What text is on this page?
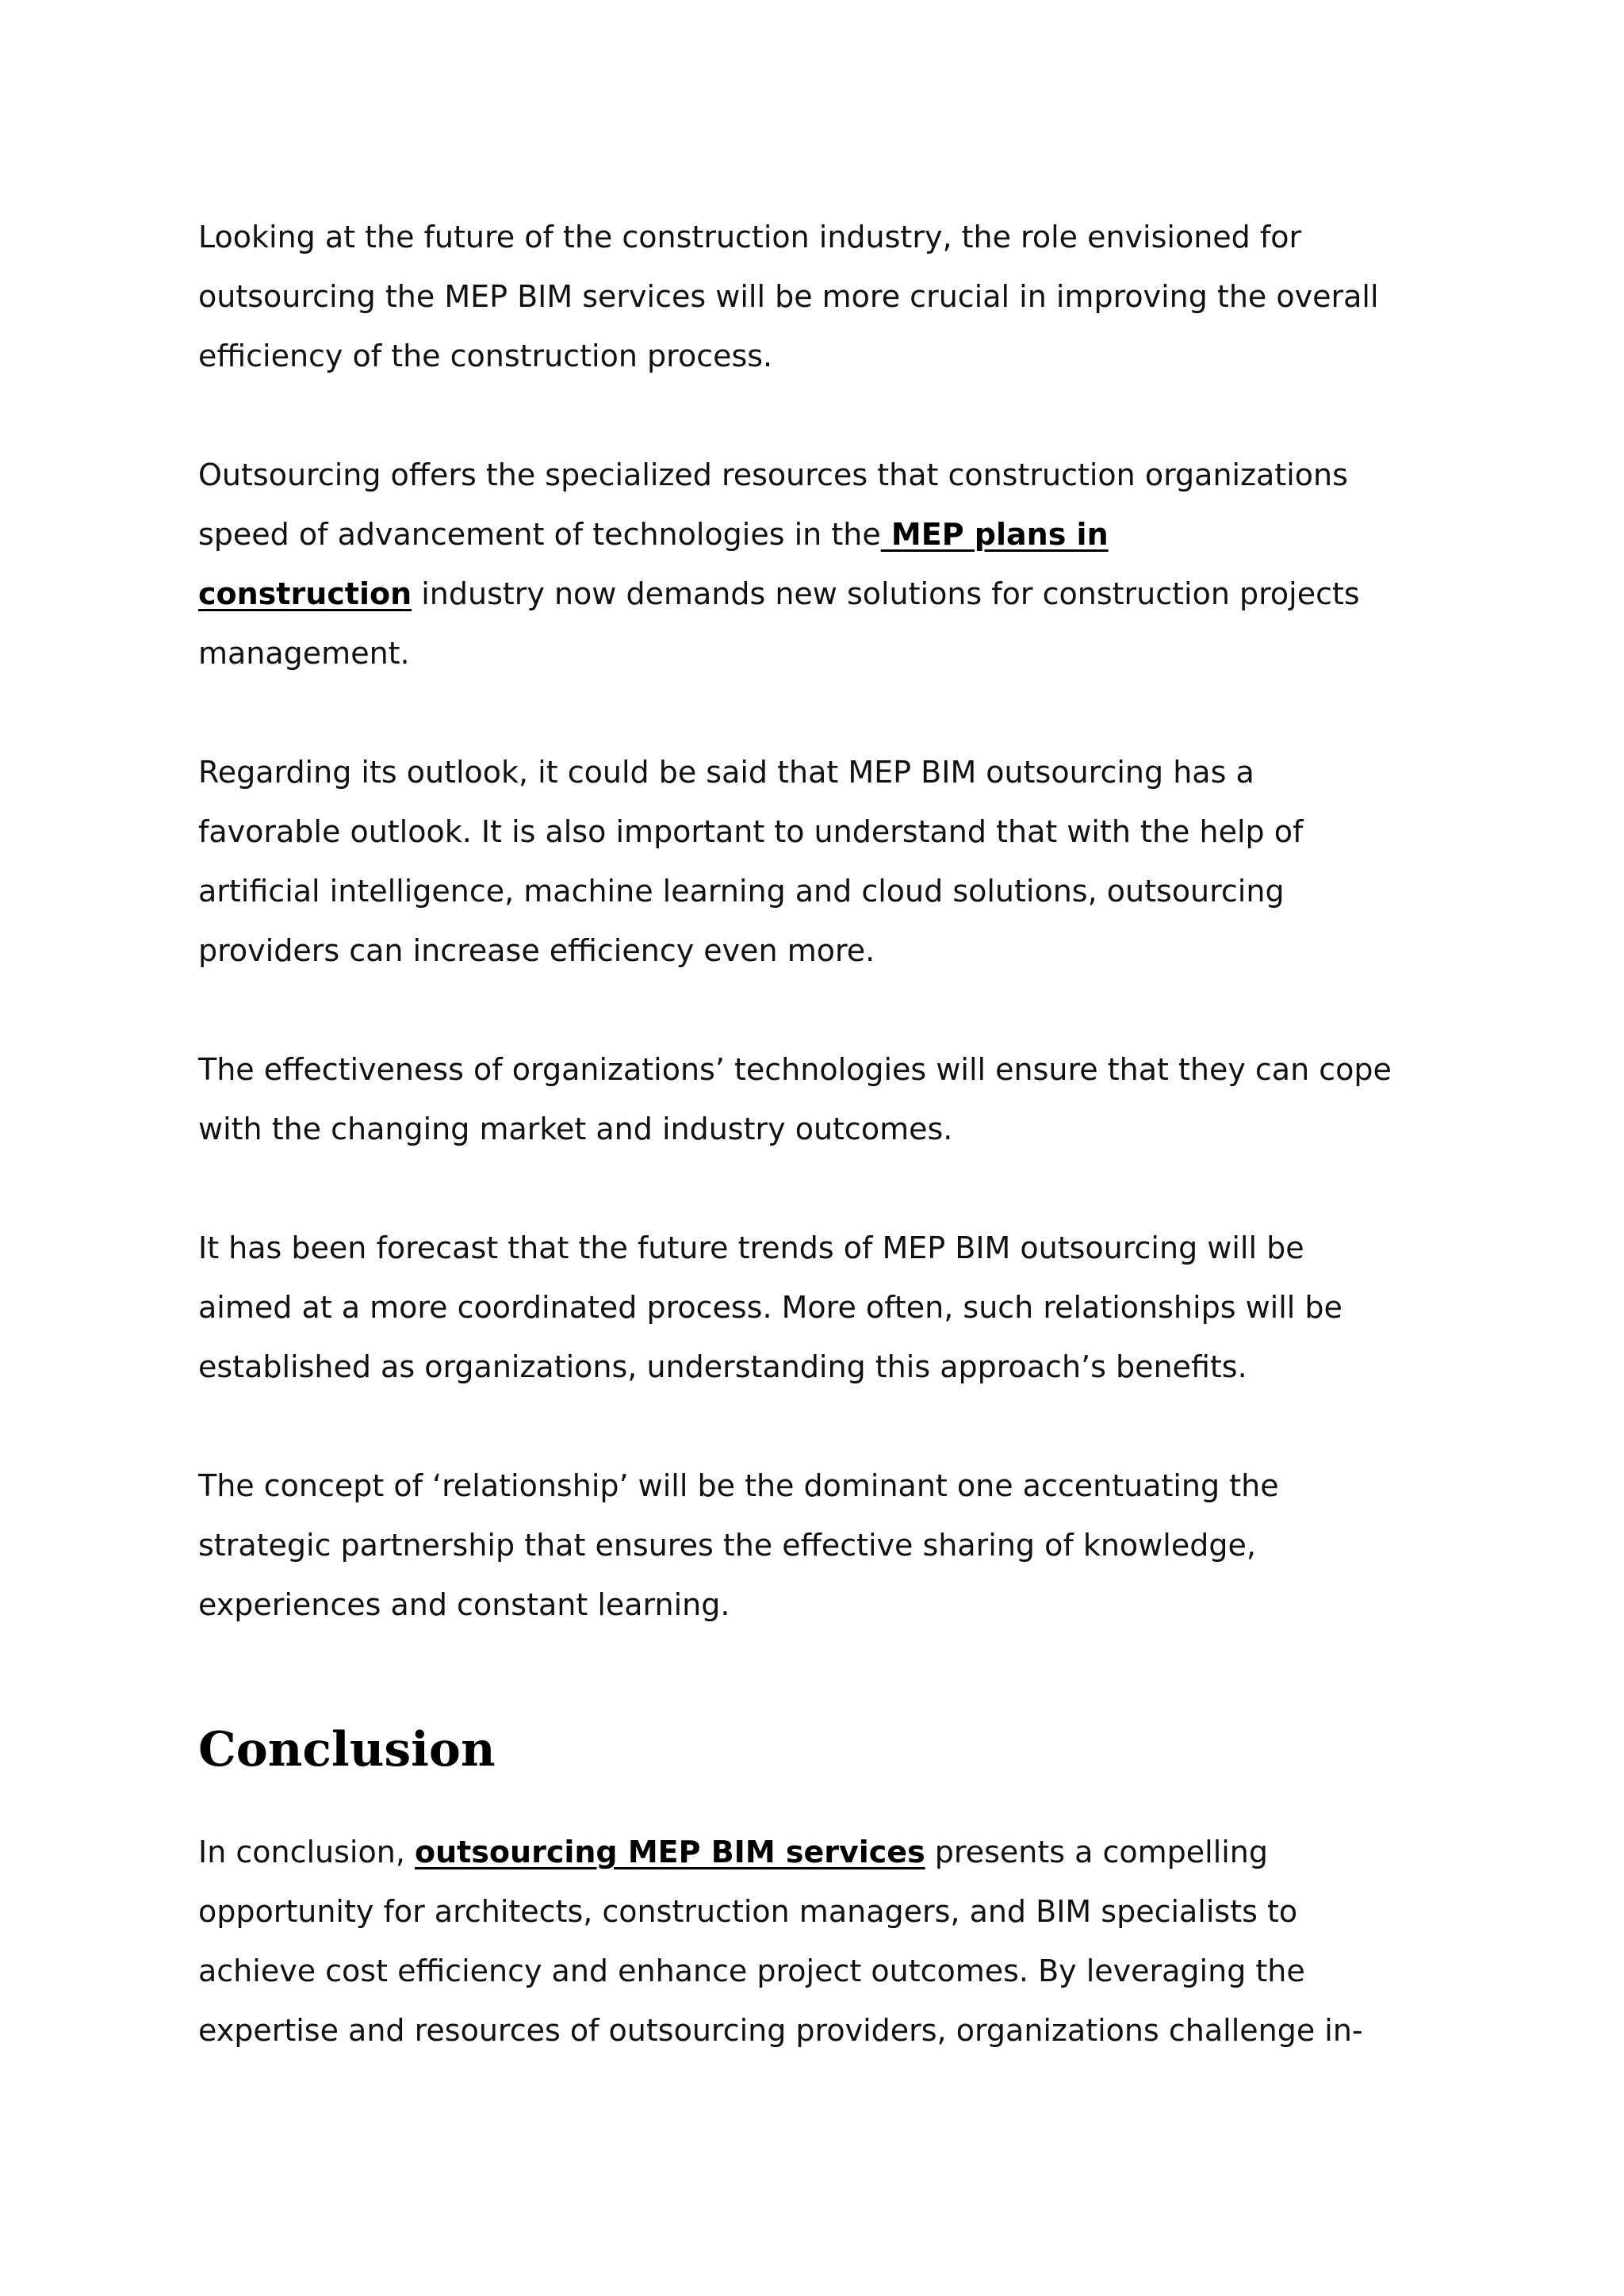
Looking at the future of the construction industry, the role envisioned for
outsourcing the MEP BIM services will be more crucial in improving the overall
efficiency of the construction process.

Outsourcing offers the specialized resources that construction organizations
speed of advancement of technologies in the MEP plans in
construction industry now demands new solutions for construction projects
management.

Regarding its outlook, it could be said that MEP BIM outsourcing has a
favorable outlook. It is also important to understand that with the help of
artificial intelligence, machine learning and cloud solutions, outsourcing
providers can increase efficiency even more.

The effectiveness of organizations’ technologies will ensure that they can cope
with the changing market and industry outcomes.

It has been forecast that the future trends of MEP BIM outsourcing will be
aimed at a more coordinated process. More often, such relationships will be
established as organizations, understanding this approach’s benefits.

The concept of ‘relationship’ will be the dominant one accentuating the
strategic partnership that ensures the effective sharing of knowledge,
experiences and constant learning.

Conclusion
In conclusion, outsourcing MEP BIM services presents a compelling
opportunity for architects, construction managers, and BIM specialists to
achieve cost efficiency and enhance project outcomes. By leveraging the
expertise and resources of outsourcing providers, organizations challenge in-
